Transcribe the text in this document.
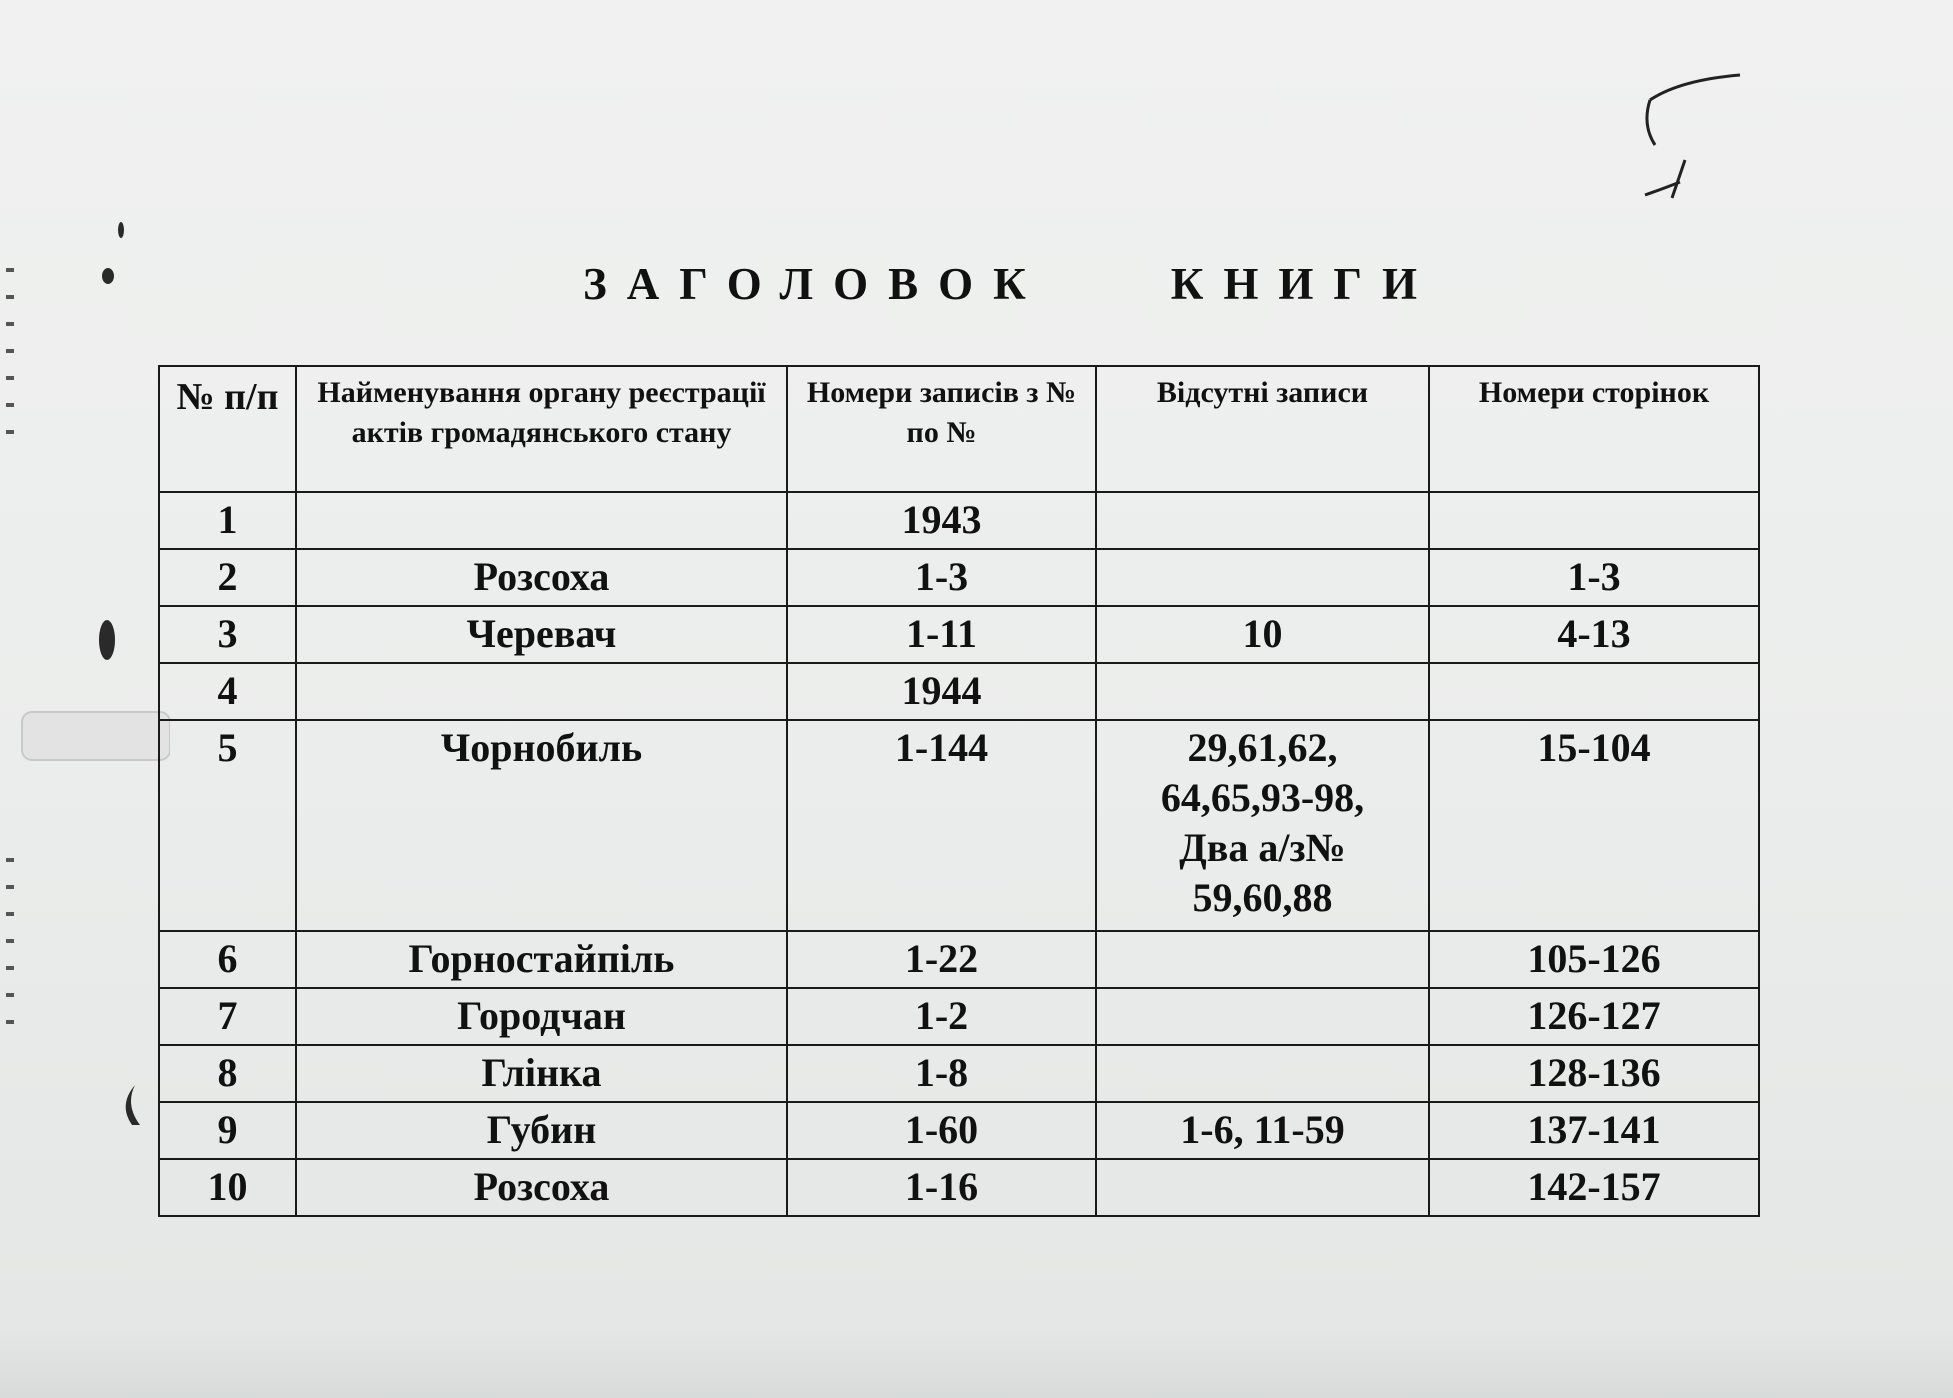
I
ЗАГОЛОВОК    КНИГИ
№ п/п	Найменування органу реєстрації актів громадянського стану	Номери записів з № по №	Відсутні записи	Номери сторінок
1		1943		
2	Розсоха	1-3		1-3
3	Черевач	1-11	10	4-13
4		1944		
5	Чорнобиль	1-144	29,61,62, 64,65,93-98, Два а/з№ 59,60,88	15-104
6	Горностайпіль	1-22		105-126
7	Городчан	1-2		126-127
8	Глінка	1-8		128-136
9	Губин	1-60	1-6, 11-59	137-141
10	Розсоха	1-16		142-157
